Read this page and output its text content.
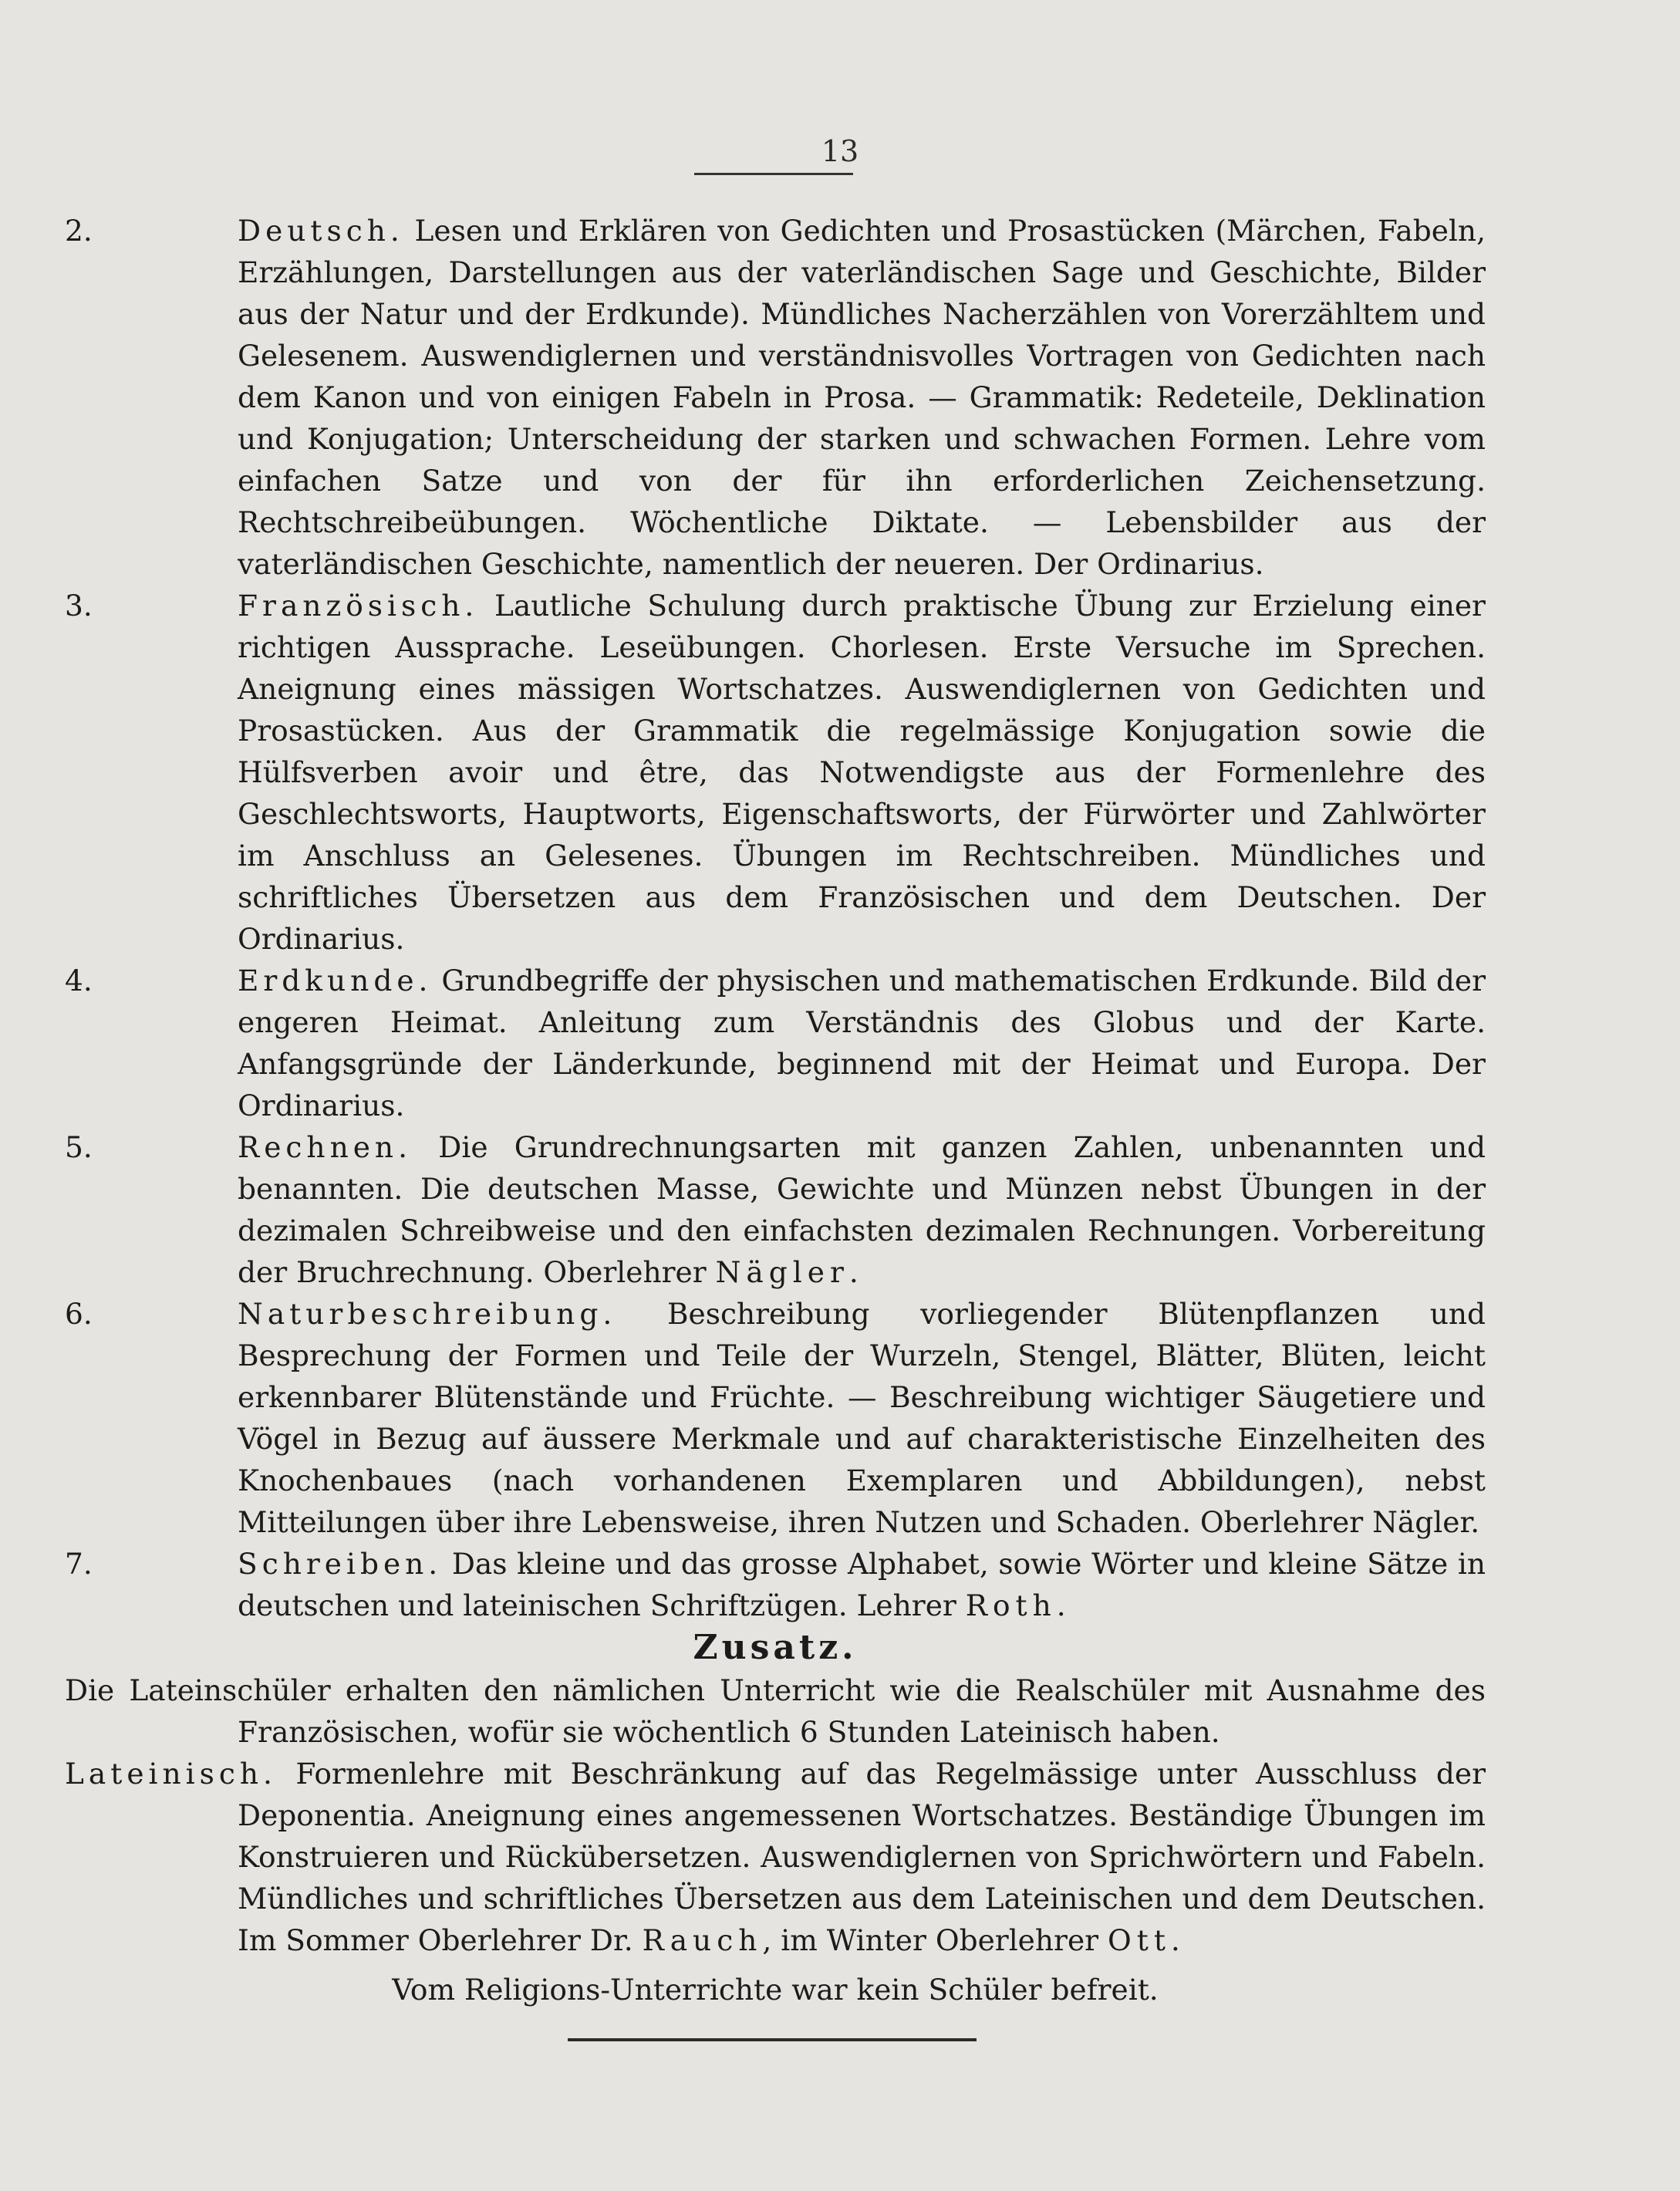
13

2.	Deutsch. Lesen und Erklären von Gedichten und Prosastücken (Märchen, Fabeln, Erzählungen, Darstellungen aus der vaterländischen Sage und Geschichte, Bilder aus der Natur und der Erdkunde). Mündliches Nacherzählen von Vorerzähltem und Gelesenem. Auswendiglernen und verständnisvolles Vortragen von Gedichten nach dem Kanon und von einigen Fabeln in Prosa. — Grammatik: Redeteile, Deklination und Konjugation; Unterscheidung der starken und schwachen Formen. Lehre vom einfachen Satze und von der für ihn erforderlichen Zeichensetzung. Rechtschreibeübungen. Wöchentliche Diktate. — Lebensbilder aus der vaterländischen Geschichte, namentlich der neueren. Der Ordinarius.

3.	Französisch. Lautliche Schulung durch praktische Übung zur Erzielung einer richtigen Aussprache. Leseübungen. Chorlesen. Erste Versuche im Sprechen. Aneignung eines mässigen Wortschatzes. Auswendiglernen von Gedichten und Prosastücken. Aus der Grammatik die regelmässige Konjugation sowie die Hülfsverben avoir und être, das Notwendigste aus der Formenlehre des Geschlechtsworts, Hauptworts, Eigenschaftsworts, der Fürwörter und Zahlwörter im Anschluss an Gelesenes. Übungen im Rechtschreiben. Mündliches und schriftliches Übersetzen aus dem Französischen und dem Deutschen. Der Ordinarius.

4.	Erdkunde. Grundbegriffe der physischen und mathematischen Erdkunde. Bild der engeren Heimat. Anleitung zum Verständnis des Globus und der Karte. Anfangsgründe der Länderkunde, beginnend mit der Heimat und Europa. Der Ordinarius.

5.	Rechnen. Die Grundrechnungsarten mit ganzen Zahlen, unbenannten und benannten. Die deutschen Masse, Gewichte und Münzen nebst Übungen in der dezimalen Schreibweise und den einfachsten dezimalen Rechnungen. Vorbereitung der Bruchrechnung. Oberlehrer Nägler.

6.	Naturbeschreibung. Beschreibung vorliegender Blütenpflanzen und Besprechung der Formen und Teile der Wurzeln, Stengel, Blätter, Blüten, leicht erkennbarer Blütenstände und Früchte. — Beschreibung wichtiger Säugetiere und Vögel in Bezug auf äussere Merkmale und auf charakteristische Einzelheiten des Knochenbaues (nach vorhandenen Exemplaren und Abbildungen), nebst Mitteilungen über ihre Lebensweise, ihren Nutzen und Schaden. Oberlehrer Nägler.

7.	Schreiben. Das kleine und das grosse Alphabet, sowie Wörter und kleine Sätze in deutschen und lateinischen Schriftzügen. Lehrer Roth.

Zusatz.

Die Lateinschüler erhalten den nämlichen Unterricht wie die Realschüler mit Ausnahme des Französischen, wofür sie wöchentlich 6 Stunden Lateinisch haben.

Lateinisch. Formenlehre mit Beschränkung auf das Regelmässige unter Ausschluss der Deponentia. Aneignung eines angemessenen Wortschatzes. Beständige Übungen im Konstruieren und Rückübersetzen. Auswendiglernen von Sprichwörtern und Fabeln. Mündliches und schriftliches Übersetzen aus dem Lateinischen und dem Deutschen. Im Sommer Oberlehrer Dr. Rauch, im Winter Oberlehrer Ott.

Vom Religions-Unterrichte war kein Schüler befreit.
